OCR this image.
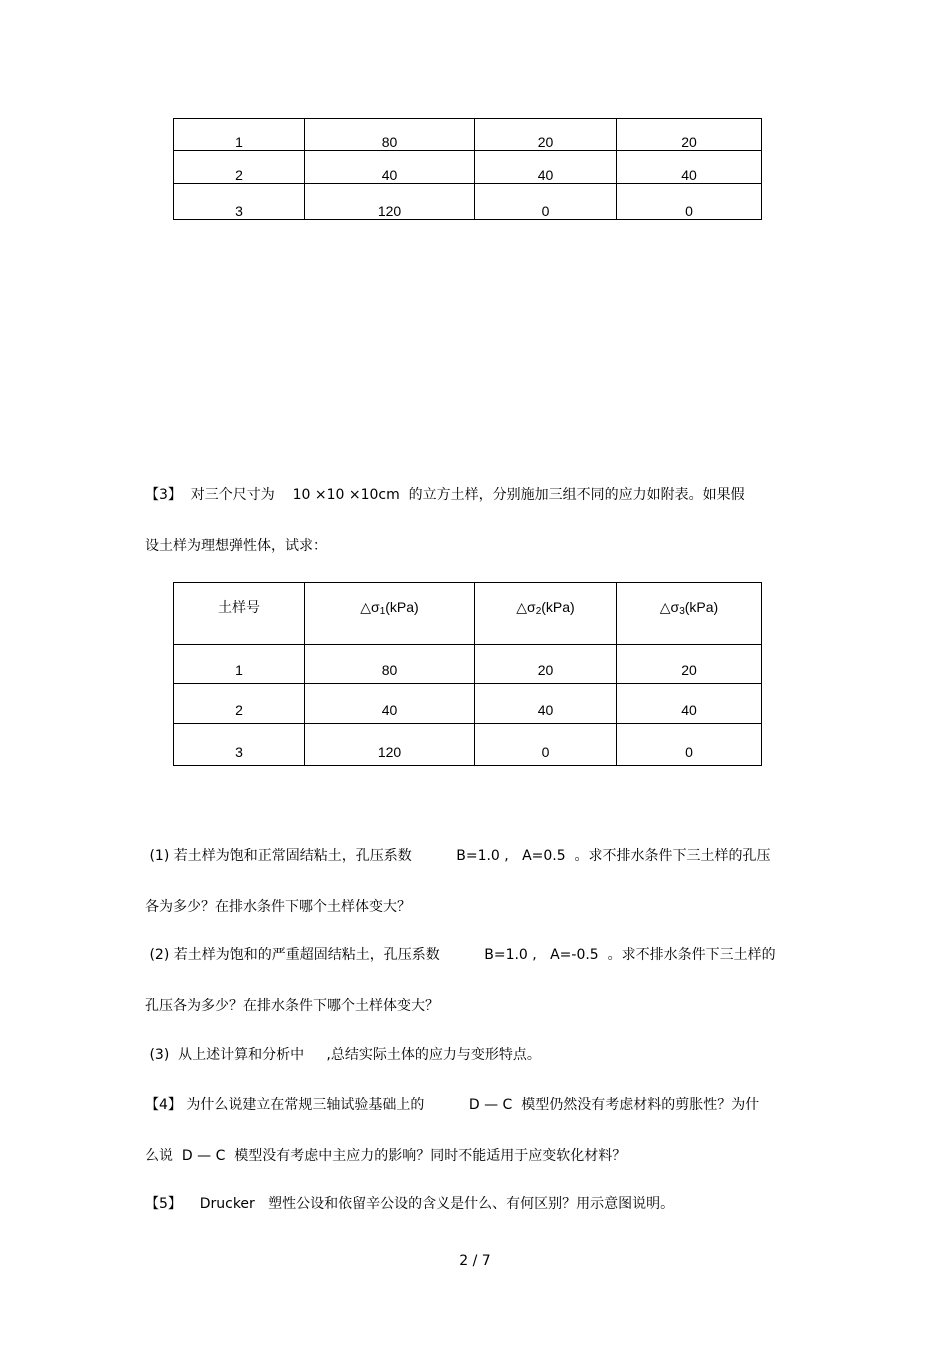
1	80	20	20
2	40	40	40
3	120	0	0

【3】  对三个尺寸为    10 ×10 ×10cm  的立方土样，分别施加三组不同的应力如附表。如果假

设土样为理想弹性体，试求：

土样号	$\triangle\sigma_1(kPa)$	$\triangle\sigma_2(kPa)$	$\triangle\sigma_3(kPa)$
1	80	20	20
2	40	40	40
3	120	0	0

(1) 若土样为饱和正常固结粘土，孔压系数          B=1.0 ,   A=0.5  。求不排水条件下三土样的孔压

各为多少？在排水条件下哪个土样体变大？

(2) 若土样为饱和的严重超固结粘土，孔压系数          B=1.0 ,   A=-0.5  。求不排水条件下三土样的

孔压各为多少？在排水条件下哪个土样体变大？

(3)  从上述计算和分析中     ,总结实际土体的应力与变形特点。

【4】 为什么说建立在常规三轴试验基础上的          D — C  模型仍然没有考虑材料的剪胀性？为什

么说  D — C  模型没有考虑中主应力的影响？同时不能适用于应变软化材料？

【5】    Drucker   塑性公设和依留辛公设的含义是什么、有何区别？用示意图说明。

2 / 7
